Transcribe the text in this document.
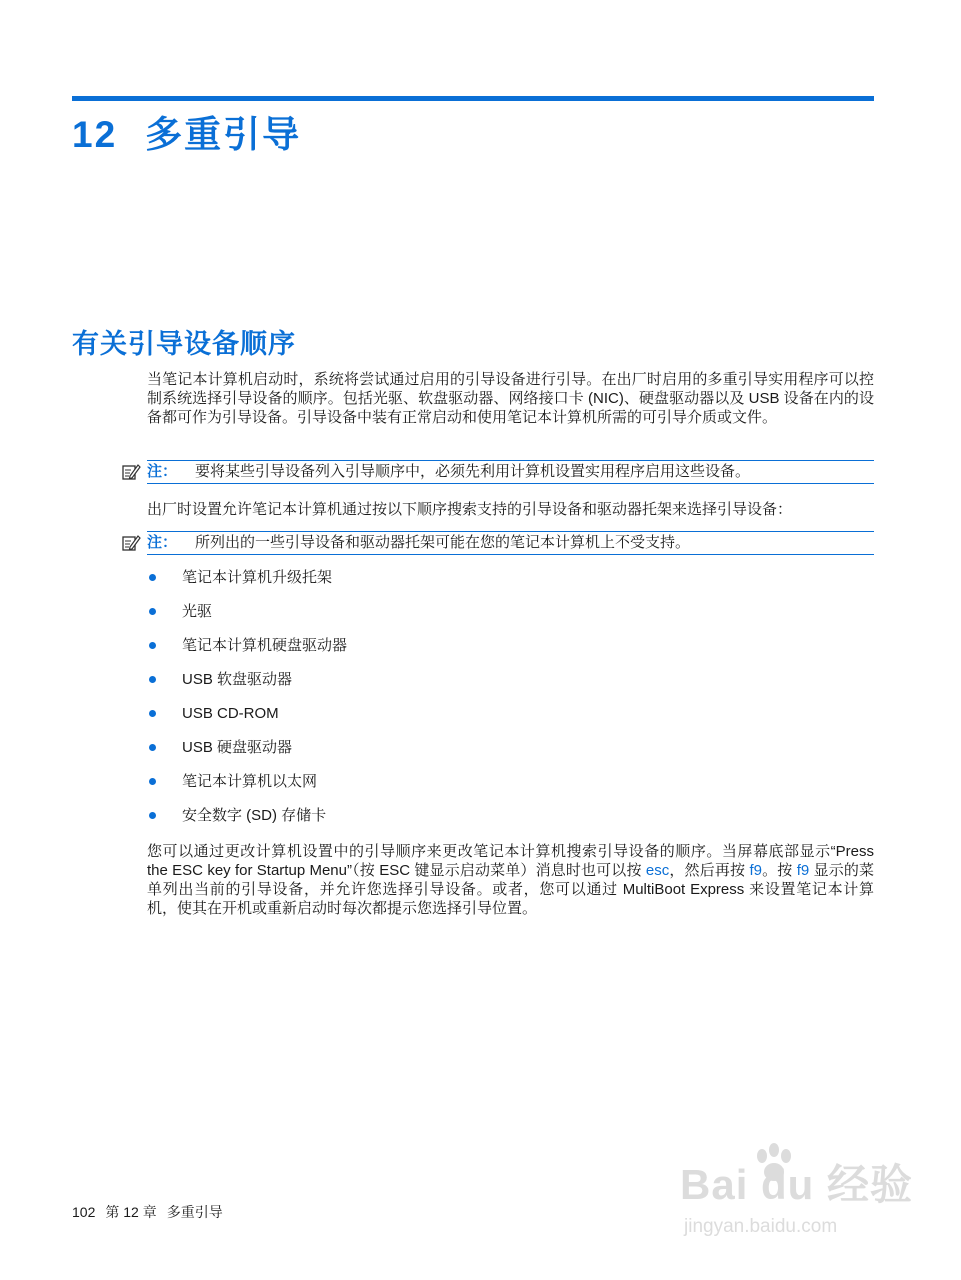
12 多重引导
有关引导设备顺序
当笔记本计算机启动时，系统将尝试通过启用的引导设备进行引导。在出厂时启用的多重引导实用程序可以控制系统选择引导设备的顺序。包括光驱、软盘驱动器、网络接口卡 (NIC)、硬盘驱动器以及 USB 设备在内的设备都可作为引导设备。引导设备中装有正常启动和使用笔记本计算机所需的可引导介质或文件。
注： 要将某些引导设备列入引导顺序中，必须先利用计算机设置实用程序启用这些设备。
出厂时设置允许笔记本计算机通过按以下顺序搜索支持的引导设备和驱动器托架来选择引导设备：
注： 所列出的一些引导设备和驱动器托架可能在您的笔记本计算机上不受支持。
笔记本计算机升级托架
光驱
笔记本计算机硬盘驱动器
USB 软盘驱动器
USB CD-ROM
USB 硬盘驱动器
笔记本计算机以太网
安全数字 (SD) 存储卡
您可以通过更改计算机设置中的引导顺序来更改笔记本计算机搜索引导设备的顺序。当屏幕底部显示“Press the ESC key for Startup Menu”（按 ESC 键显示启动菜单）消息时也可以按 esc，然后再按 f9。按 f9 显示的菜单列出当前的引导设备，并允许您选择引导设备。或者，您可以通过 MultiBoot Express 来设置笔记本计算机，使其在开机或重新启动时每次都提示您选择引导位置。
102 第 12 章 多重引导
Bai du 经验
jingyan.baidu.com
